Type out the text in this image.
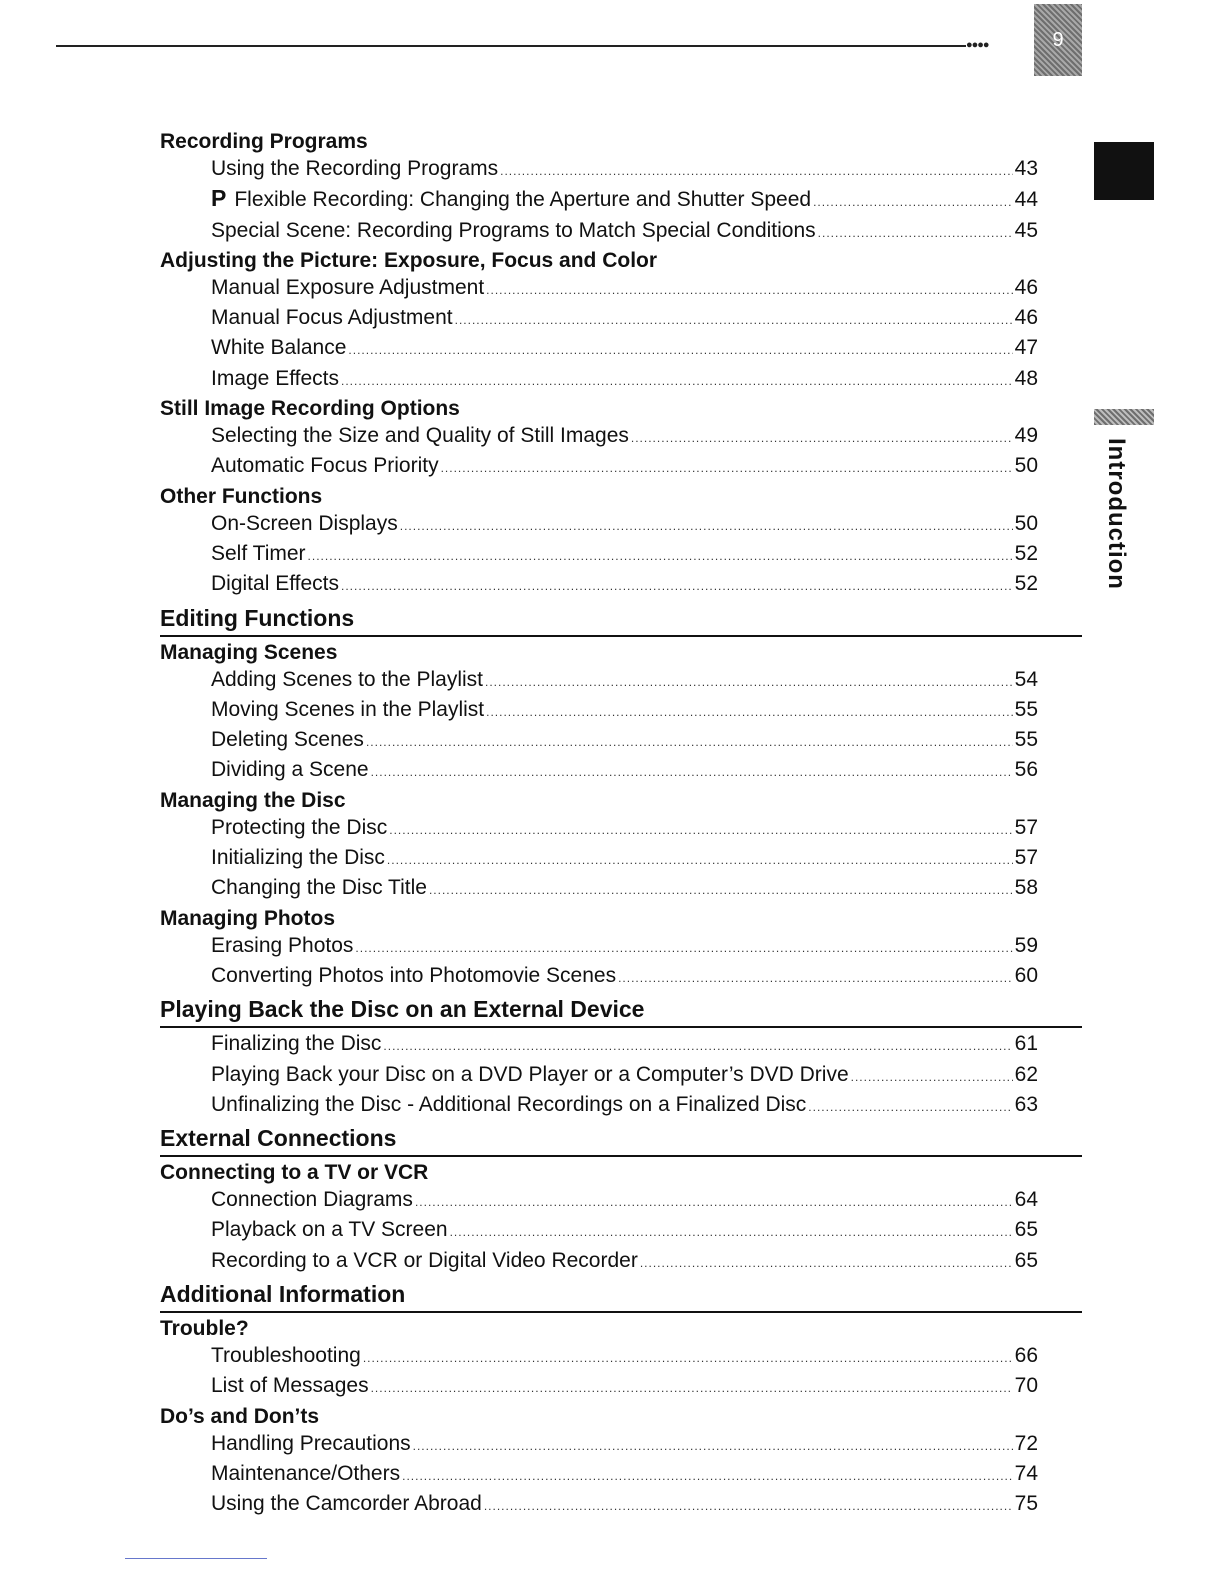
●●●●	9
Introduction
Recording Programs
Using the Recording Programs .....	43
P Flexible Recording: Changing the Aperture and Shutter Speed .....	44
Special Scene: Recording Programs to Match Special Conditions .....	45
Adjusting the Picture: Exposure, Focus and Color
Manual Exposure Adjustment .....	46
Manual Focus Adjustment .....	46
White Balance .....	47
Image Effects .....	48
Still Image Recording Options
Selecting the Size and Quality of Still Images .....	49
Automatic Focus Priority .....	50
Other Functions
On-Screen Displays .....	50
Self Timer .....	52
Digital Effects .....	52
Editing Functions
Managing Scenes
Adding Scenes to the Playlist .....	54
Moving Scenes in the Playlist .....	55
Deleting Scenes .....	55
Dividing a Scene .....	56
Managing the Disc
Protecting the Disc .....	57
Initializing the Disc .....	57
Changing the Disc Title .....	58
Managing Photos
Erasing Photos .....	59
Converting Photos into Photomovie Scenes .....	60
Playing Back the Disc on an External Device
Finalizing the Disc .....	61
Playing Back your Disc on a DVD Player or a Computer’s DVD Drive .....	62
Unfinalizing the Disc - Additional Recordings on a Finalized Disc .....	63
External Connections
Connecting to a TV or VCR
Connection Diagrams .....	64
Playback on a TV Screen .....	65
Recording to a VCR or Digital Video Recorder .....	65
Additional Information
Trouble?
Troubleshooting .....	66
List of Messages .....	70
Do’s and Don’ts
Handling Precautions .....	72
Maintenance/Others .....	74
Using the Camcorder Abroad .....	75
